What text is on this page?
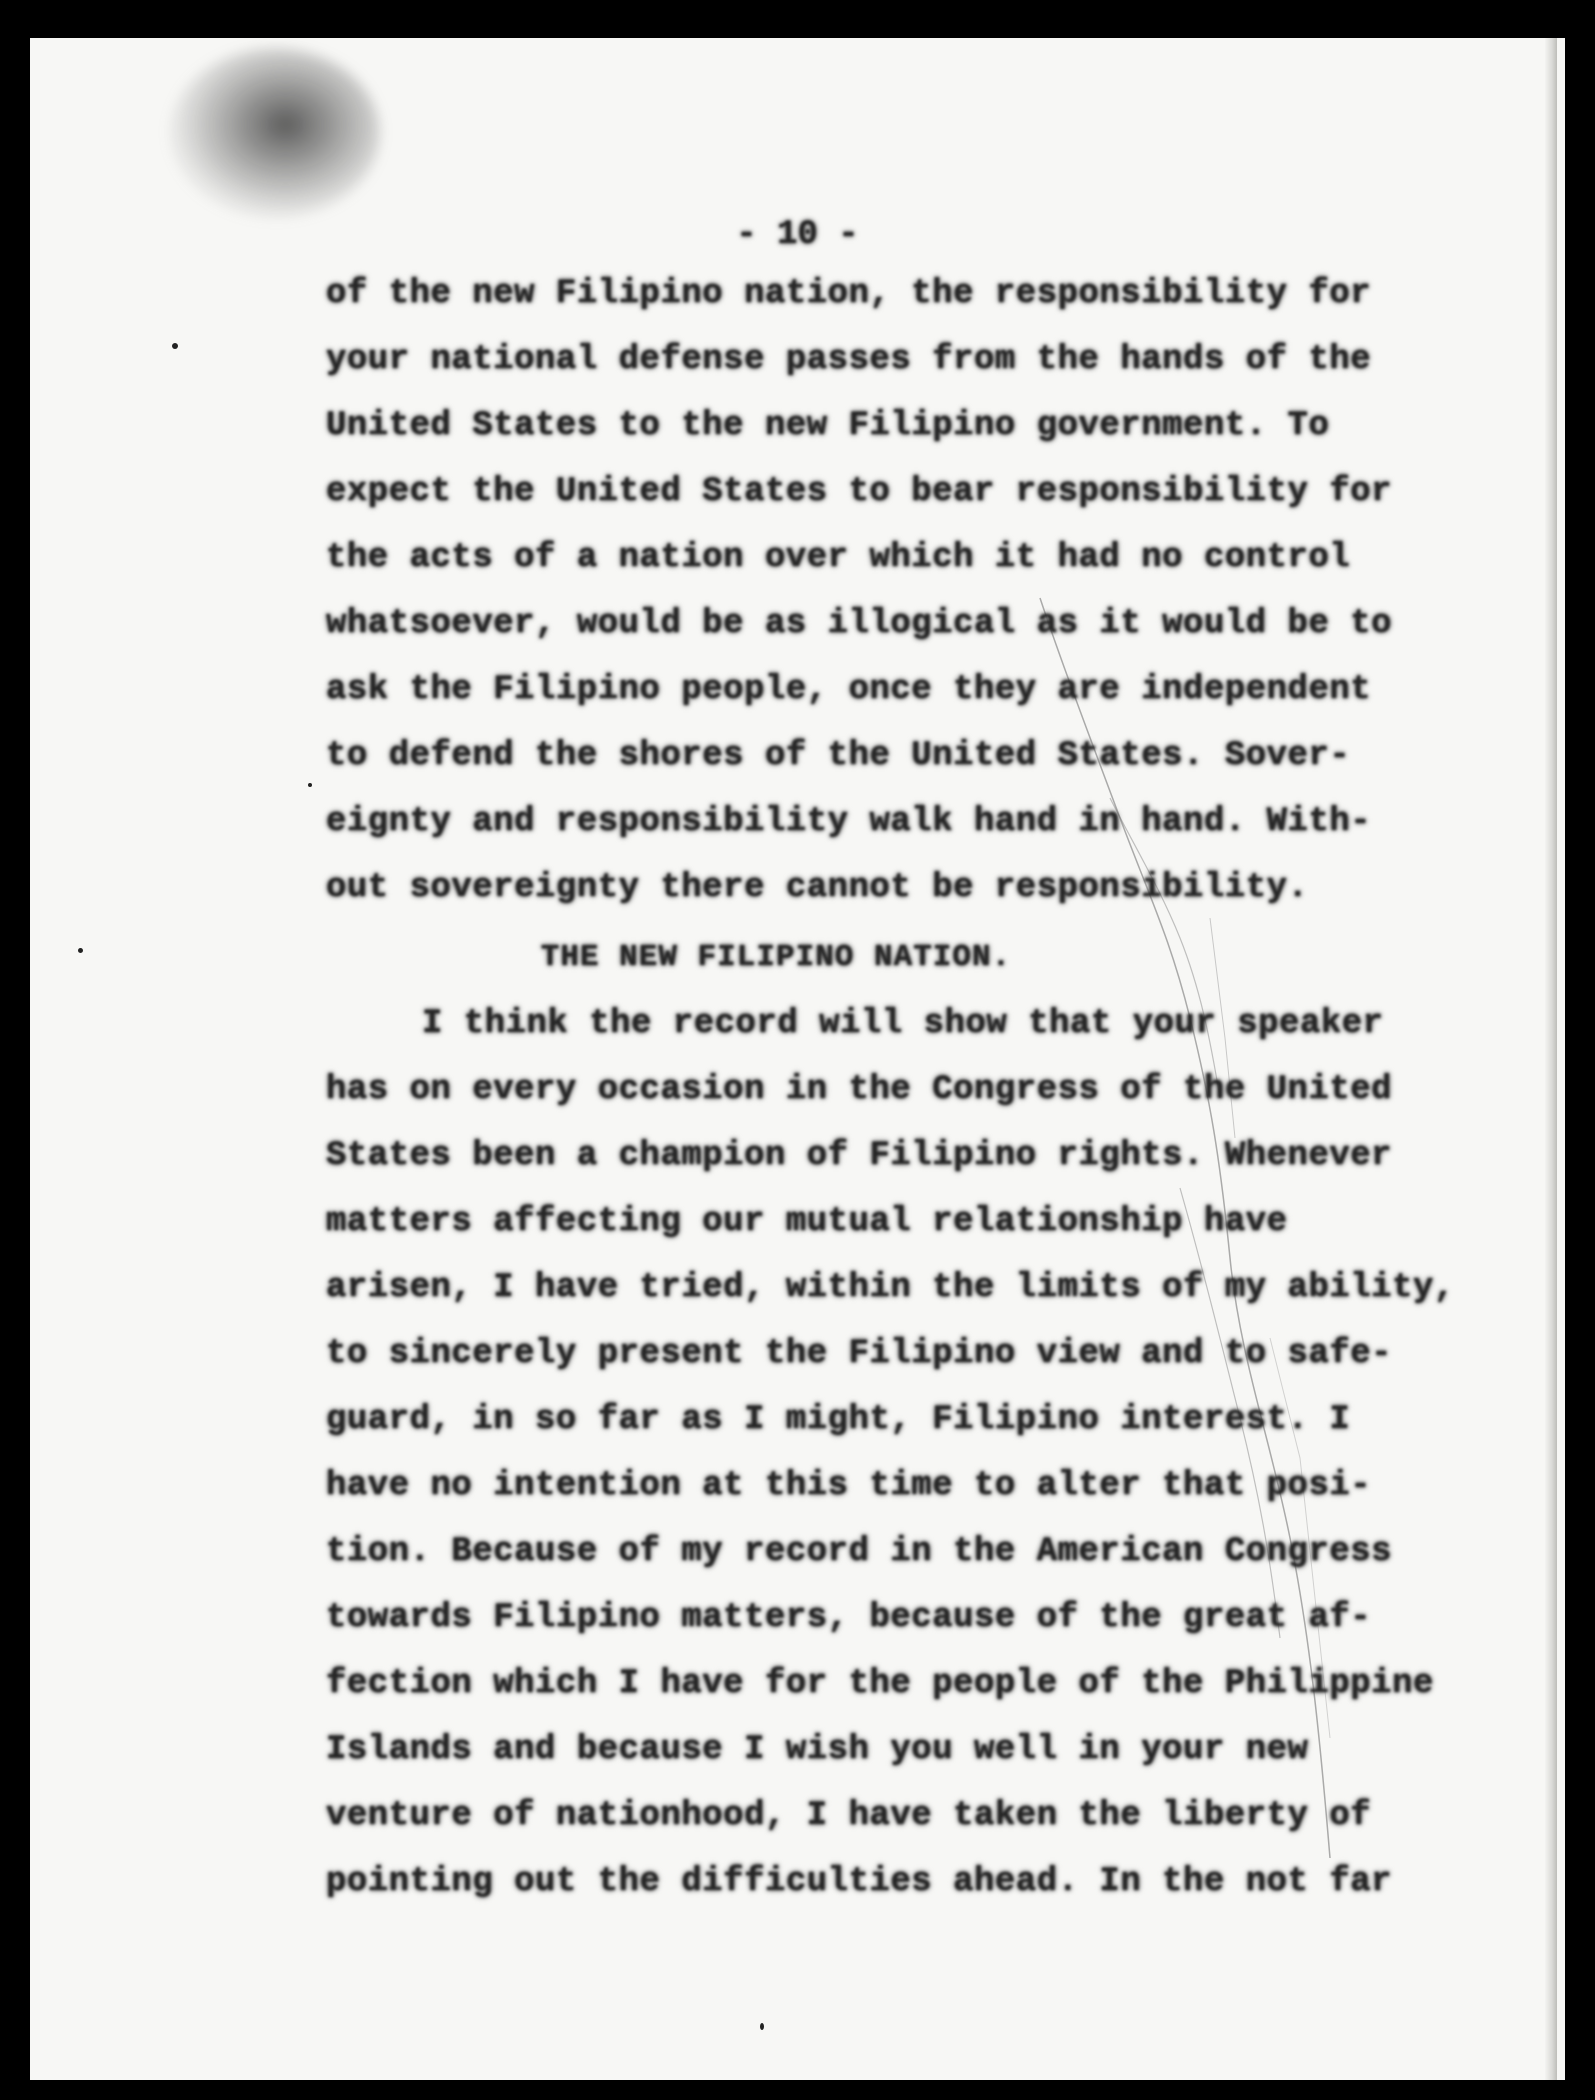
- 10 -
of the new Filipino nation, the responsibility for
your national defense passes from the hands of the
United States to the new Filipino government. To
expect the United States to bear responsibility for
the acts of a nation over which it had no control
whatsoever, would be as illogical as it would be to
ask the Filipino people, once they are independent
to defend the shores of the United States. Sover-
eignty and responsibility walk hand in hand. With-
out sovereignty there cannot be responsibility.
THE NEW FILIPINO NATION.
I think the record will show that your speaker
has on every occasion in the Congress of the United
States been a champion of Filipino rights. Whenever
matters affecting our mutual relationship have
arisen, I have tried, within the limits of my ability,
to sincerely present the Filipino view and to safe-
guard, in so far as I might, Filipino interest. I
have no intention at this time to alter that posi-
tion. Because of my record in the American Congress
towards Filipino matters, because of the great af-
fection which I have for the people of the Philippine
Islands and because I wish you well in your new
venture of nationhood, I have taken the liberty of
pointing out the difficulties ahead. In the not far
